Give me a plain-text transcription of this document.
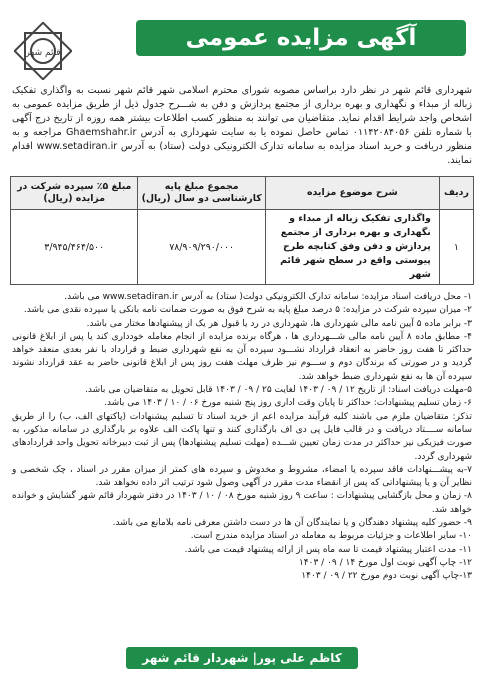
آگهی مزایده عمومی
نوبت دوم
قائم شهر

شهرداری قائم شهر در نظر دارد براساس مصوبه شورای محترم اسلامی شهر قائم شهر نسبت به واگذاری تفکیک زباله از مبداء و نگهداری و بهره برداری از مجتمع پردازش و دفن به شـــرح جدول ذیل از طریق مزایده عمومی به اشخاص واجد شرایط اقدام نماید. متقاضیان می توانند به منظور کسب اطلاعات بیشتر همه روزه از تاریخ درج آگهی با شماره تلفن ۰۱۱۴۲۰۸۴۰۵۶ تماس حاصل نموده یا به سایت شهرداری به آدرس Ghaemshahr.ir مراجعه و به منظور دریافت و خرید اسناد مزایده به سامانه تدارک الکترونیکی دولت (ستاد) به آدرس www.setadiran.ir اقدام نمایند.

ردیف	شرح موضوع مزایده	مجموع مبلغ پایه کارشناسی دو سال (ریال)	مبلغ ۵٪ سپرده شرکت در مزایده (ریال)
۱	واگذاری تفکیک زباله از مبداء و نگهداری و بهره برداری از مجتمع پردازش و دفن وفق کتابچه طرح پیوستی واقع در سطح شهر قائم شهر	۷۸/۹۰۹/۲۹۰/۰۰۰	۳/۹۴۵/۴۶۴/۵۰۰

۱- محل دریافت اسناد مزایده: سامانه تدارک الکترونیکی دولت( ستاد) به آدرس www.setadiran.ir می باشد.

۲- میزان سپرده شرکت در مزایده: ۵ درصد مبلغ پایه به شرح فوق به صورت ضمانت نامه بانکی یا سپرده نقدی می باشد.

۳- برابر ماده ۵ آیین نامه مالی شهرداری ها، شهرداری در رد یا قبول هر یک از پیشنهادها مختار می باشد.

۴- مطابق ماده ۸ آیین نامه مالی شـــهرداری ها ، هرگاه برنده مزایده از انجام معامله خودداری کند یا پس از ابلاغ قانونی حداکثر تا هفت روز حاضر به انعقاد قرارداد نشـــود سپرده آن به نفع شهرداری ضبط و قرارداد با نفر بعدی منعقد خواهد گردید و در صورتی که برندگان دوم و ســـوم نیز ظرف مهلت هفت روز پس از ابلاغ قانونی حاضر به عقد قرارداد نشوند سپرده آن ها به نفع شهرداری ضبط خواهد شد.

۵-مهلت دریافت اسناد: از تاریخ ۱۲ / ۰۹ / ۱۴۰۳ لغایت ۲۵ / ۰۹ / ۱۴۰۳ قابل تحویل به متقاضیان می باشد.

۶- زمان تسلیم پیشنهادات: حداکثر تا پایان وقت اداری روز پنج شنبه مورخ ۰۶ / ۱۰ / ۱۴۰۳ می باشد.

تذکر: متقاضیان ملزم می باشند کلیه فرآیند مزایده اعم از خرید اسناد تا تسلیم پیشنهادات (پاکتهای الف، ب) را از طریق سامانه ســــتاد دریافت و در قالب فایل پی دی اف بارگذاری کنند و تنها پاکت الف علاوه بر بارگذاری در سامانه مذکور، به صورت فیزیکی نیز حداکثر در مدت زمان تعیین شـــده (مهلت تسلیم پیشنهادها) پس از ثبت دبیرخانه تحویل واحد قراردادهای شهرداری گردد.

۷-به پیشـــنهادات فاقد سپرده یا امضاء، مشروط و مخدوش و سپرده های کمتر از میزان مقرر در اسناد ، چک شخصی و نظایر آن و یا پیشنهاداتی که پس از انقضاء مدت مقرر در آگهی وصول شود ترتیب اثر داده نخواهد شد.

۸- زمان و محل بازگشایی پیشنهادات : ساعت ۹ روز شنبه مورخ ۰۸ / ۱۰ / ۱۴۰۳ در دفتر شهردار قائم شهر گشایش و خوانده خواهد شد.

۹- حضور کلیه پیشنهاد دهندگان و یا نمایندگان آن ها در دست داشتن معرفی نامه بلامانع می باشد.

۱۰- سایر اطلاعات و جزئیات مربوط به معامله در اسناد مزایده مندرج است.

۱۱- مدت اعتبار پیشنهاد قیمت تا سه ماه پس از ارائه پیشنهاد قیمت می باشد.

۱۲- چاپ آگهی نوبت اول مورخ ۱۴ / ۰۹ / ۱۴۰۳

۱۳-چاپ آگهی نوبت دوم مورخ ۲۲ / ۰۹ / ۱۴۰۳

کاظم علی پور| شهردار قائم شهر
